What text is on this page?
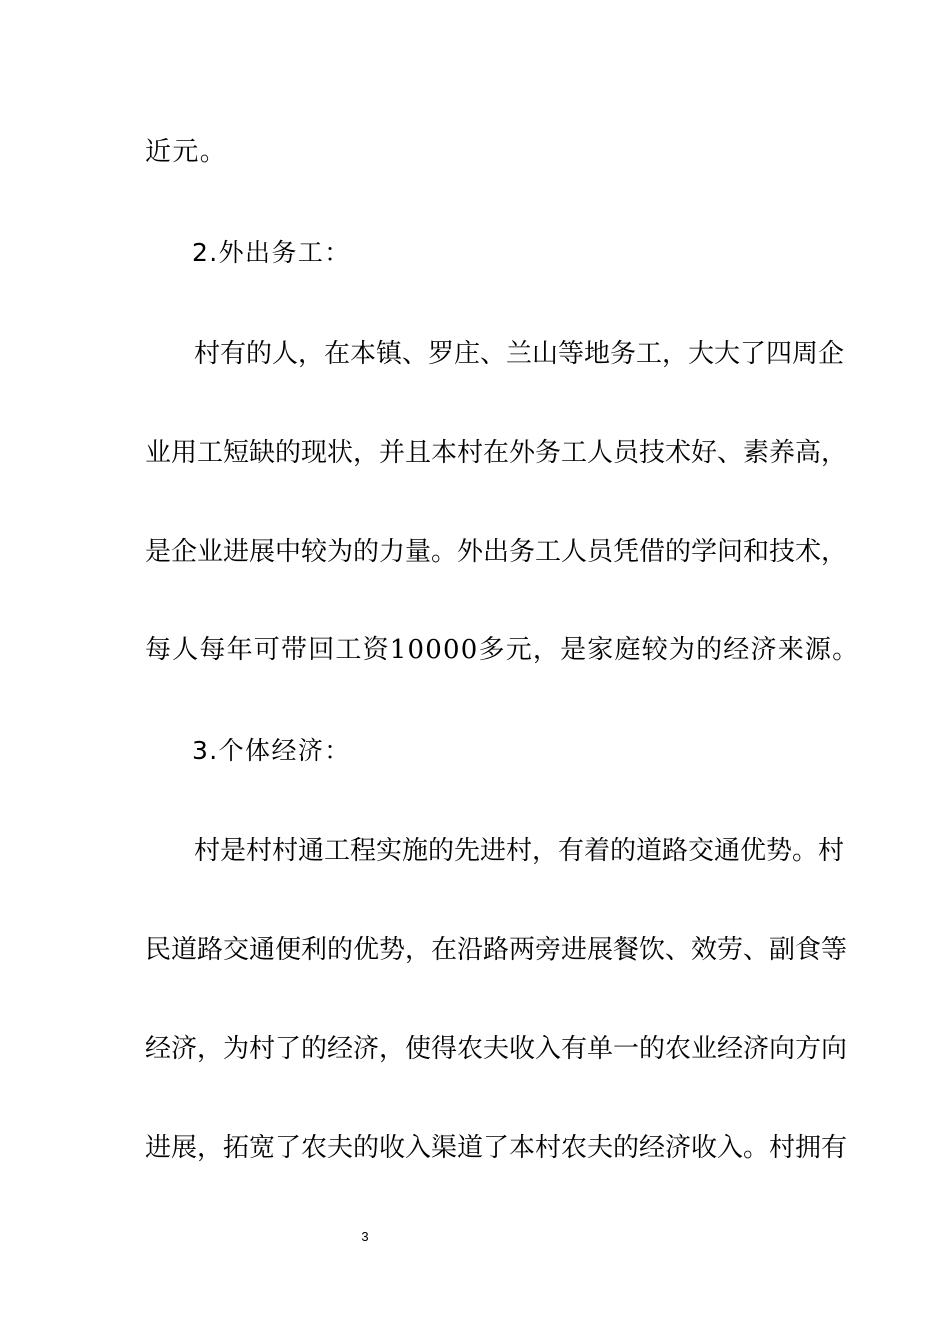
近元。
2.外出务工：
村有的人，在本镇、罗庄、兰山等地务工，大大了四周企
业用工短缺的现状，并且本村在外务工人员技术好、素养高，
是企业进展中较为的力量。外出务工人员凭借的学问和技术，
每人每年可带回工资10000多元，是家庭较为的经济来源。
3.个体经济：
村是村村通工程实施的先进村，有着的道路交通优势。村
民道路交通便利的优势，在沿路两旁进展餐饮、效劳、副食等
经济，为村了的经济，使得农夫收入有单一的农业经济向方向
进展，拓宽了农夫的收入渠道了本村农夫的经济收入。村拥有
3
